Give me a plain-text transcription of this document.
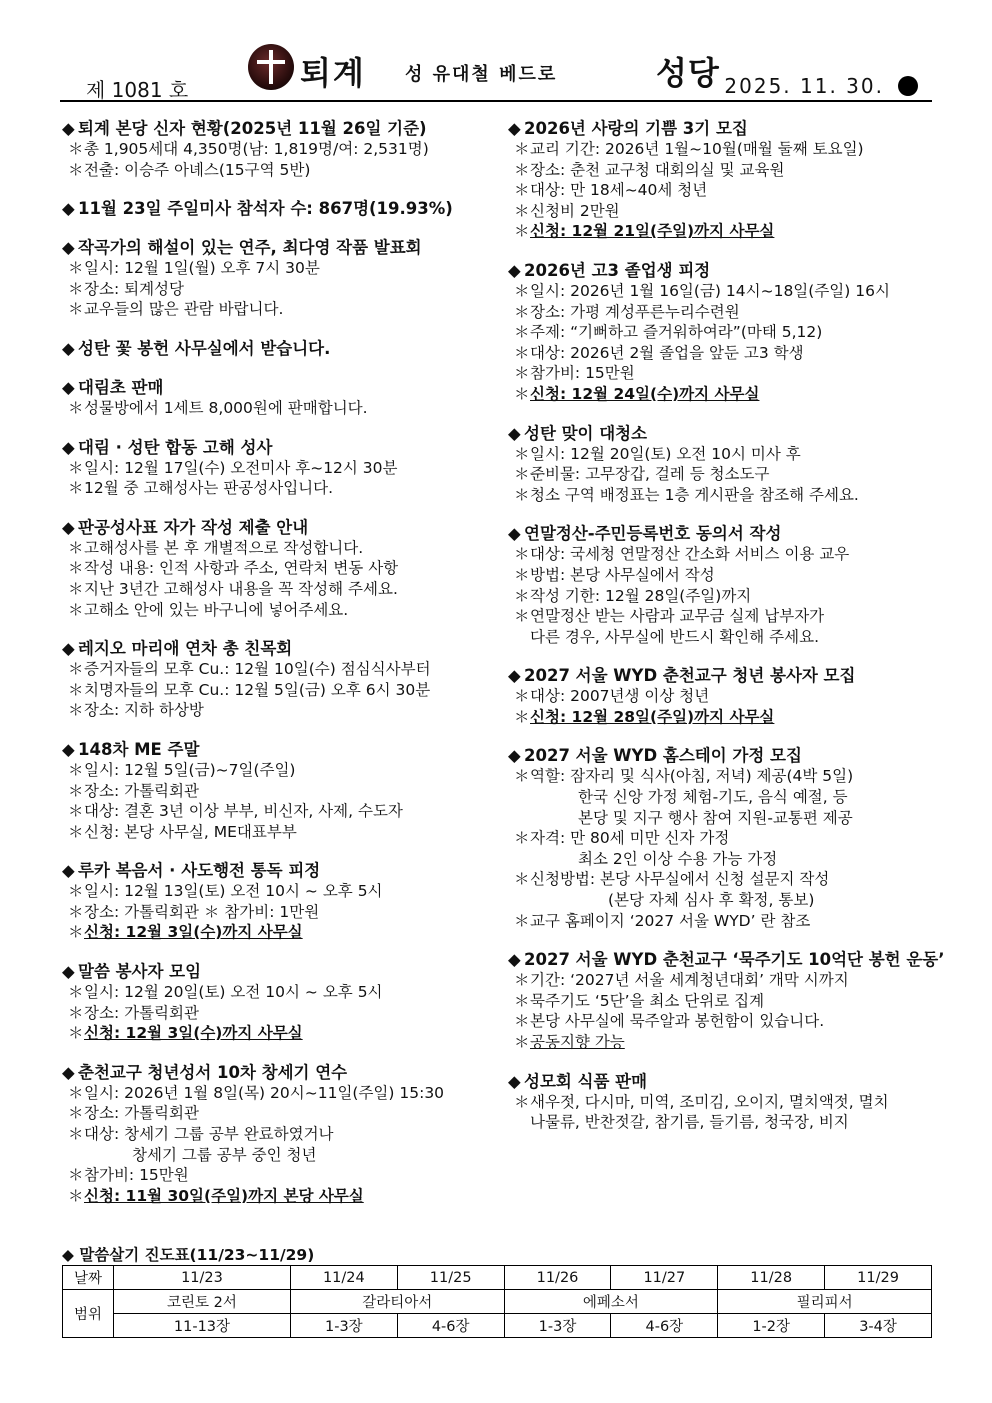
제 1081 호	퇴계 성 유대철 베드로	성당 2025. 11. 30.
◆ 퇴계 본당 신자 현황(2025년 11월 26일 기준)
＊총 1,905세대 4,350명(남: 1,819명/여: 2,531명)
＊전출: 이승주 아녜스(15구역 5반)
◆ 11월 23일 주일미사 참석자 수: 867명(19.93%)
◆ 작곡가의 해설이 있는 연주, 최다영 작품 발표회
＊일시: 12월 1일(월) 오후 7시 30분
＊장소: 퇴계성당
＊교우들의 많은 관람 바랍니다.
◆ 성탄 꽃 봉헌 사무실에서 받습니다.
◆ 대림초 판매
＊성물방에서 1세트 8,000원에 판매합니다.
◆ 대림 · 성탄 합동 고해 성사
＊일시: 12월 17일(수) 오전미사 후~12시 30분
＊12월 중 고해성사는 판공성사입니다.
◆ 판공성사표 자가 작성 제출 안내
＊고해성사를 본 후 개별적으로 작성합니다.
＊작성 내용: 인적 사항과 주소, 연락처 변동 사항
＊지난 3년간 고해성사 내용을 꼭 작성해 주세요.
＊고해소 안에 있는 바구니에 넣어주세요.
◆ 레지오 마리애 연차 총 친목회
＊증거자들의 모후 Cu.: 12월 10일(수) 점심식사부터
＊치명자들의 모후 Cu.: 12월 5일(금) 오후 6시 30분
＊장소: 지하 하상방
◆ 148차 ME 주말
＊일시: 12월 5일(금)~7일(주일)
＊장소: 가톨릭회관
＊대상: 결혼 3년 이상 부부, 비신자, 사제, 수도자
＊신청: 본당 사무실, ME대표부부
◆ 루카 복음서 · 사도행전 통독 피정
＊일시: 12월 13일(토) 오전 10시 ~ 오후 5시
＊장소: 가톨릭회관 ＊ 참가비: 1만원
＊신청: 12월 3일(수)까지 사무실
◆ 말씀 봉사자 모임
＊일시: 12월 20일(토) 오전 10시 ~ 오후 5시
＊장소: 가톨릭회관
＊신청: 12월 3일(수)까지 사무실
◆ 춘천교구 청년성서 10차 창세기 연수
＊일시: 2026년 1월 8일(목) 20시~11일(주일) 15:30
＊장소: 가톨릭회관
＊대상: 창세기 그룹 공부 완료하였거나
창세기 그룹 공부 중인 청년
＊참가비: 15만원
＊신청: 11월 30일(주일)까지 본당 사무실
◆ 2026년 사랑의 기쁨 3기 모집
＊교리 기간: 2026년 1월~10월(매월 둘째 토요일)
＊장소: 춘천 교구청 대회의실 및 교육원
＊대상: 만 18세~40세 청년
＊신청비 2만원
＊신청: 12월 21일(주일)까지 사무실
◆ 2026년 고3 졸업생 피정
＊일시: 2026년 1월 16일(금) 14시~18일(주일) 16시
＊장소: 가평 계성푸른누리수련원
＊주제: “기뻐하고 즐거워하여라”(마태 5,12)
＊대상: 2026년 2월 졸업을 앞둔 고3 학생
＊참가비: 15만원
＊신청: 12월 24일(수)까지 사무실
◆ 성탄 맞이 대청소
＊일시: 12월 20일(토) 오전 10시 미사 후
＊준비물: 고무장갑, 걸레 등 청소도구
＊청소 구역 배정표는 1층 게시판을 참조해 주세요.
◆ 연말정산-주민등록번호 동의서 작성
＊대상: 국세청 연말정산 간소화 서비스 이용 교우
＊방법: 본당 사무실에서 작성
＊작성 기한: 12월 28일(주일)까지
＊연말정산 받는 사람과 교무금 실제 납부자가
다른 경우, 사무실에 반드시 확인해 주세요.
◆ 2027 서울 WYD 춘천교구 청년 봉사자 모집
＊대상: 2007년생 이상 청년
＊신청: 12월 28일(주일)까지 사무실
◆ 2027 서울 WYD 홈스테이 가정 모집
＊역할: 잠자리 및 식사(아침, 저녁) 제공(4박 5일)
한국 신앙 가정 체험-기도, 음식 예절, 등
본당 및 지구 행사 참여 지원-교통편 제공
＊자격: 만 80세 미만 신자 가정
최소 2인 이상 수용 가능 가정
＊신청방법: 본당 사무실에서 신청 설문지 작성
(본당 자체 심사 후 확정, 통보)
＊교구 홈페이지 ‘2027 서울 WYD’ 란 참조
◆ 2027 서울 WYD 춘천교구 ‘묵주기도 10억단 봉헌 운동’
＊기간: ‘2027년 서울 세계청년대회’ 개막 시까지
＊묵주기도 ‘5단’을 최소 단위로 집계
＊본당 사무실에 묵주알과 봉헌함이 있습니다.
＊공동지향 가능
◆ 성모회 식품 판매
＊새우젓, 다시마, 미역, 조미김, 오이지, 멸치액젓, 멸치
나물류, 반찬젓갈, 참기름, 들기름, 청국장, 비지
◆ 말씀살기 진도표(11/23~11/29)
날짜	11/23	11/24	11/25	11/26	11/27	11/28	11/29
범위	코린토 2서	갈라티아서		에페소서		필리피서	
	11-13장	1-3장	4-6장	1-3장	4-6장	1-2장	3-4장
